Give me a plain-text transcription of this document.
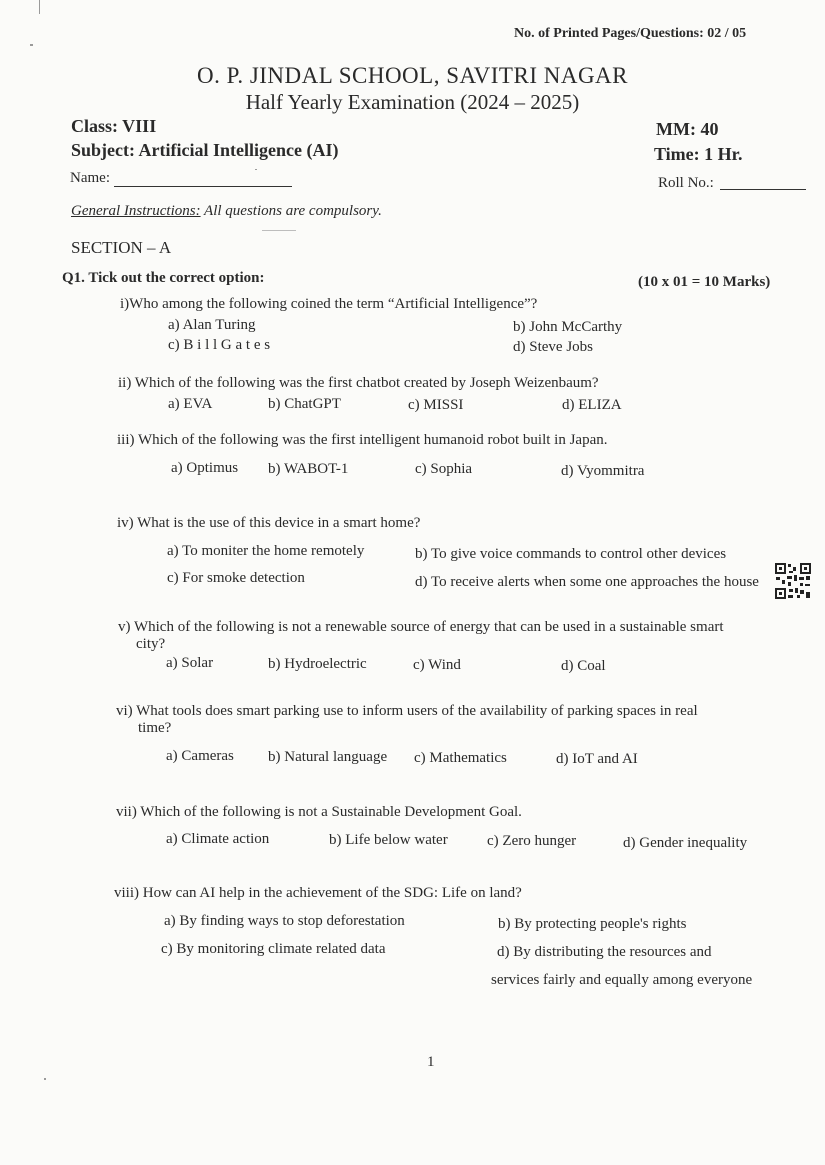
No. of Printed Pages/Questions: 02 / 05
O. P. JINDAL SCHOOL, SAVITRI NAGAR
Half Yearly Examination (2024 – 2025)
Class: VIII
Subject: Artificial Intelligence (AI)
MM: 40
Time: 1 Hr.
Name:	Roll No.:
General Instructions: All questions are compulsory.
SECTION – A
Q1. Tick out the correct option:	(10 x 01 = 10 Marks)
i)Who among the following coined the term “Artificial Intelligence”?
a) Alan Turing	b) John McCarthy
c) B i l l G a t e s	d) Steve Jobs
ii) Which of the following was the first chatbot created by Joseph Weizenbaum?
a) EVA	b) ChatGPT	c) MISSI	d) ELIZA
iii) Which of the following was the first intelligent humanoid robot built in Japan.
a) Optimus b) WABOT-1	c) Sophia	d) Vyommitra
iv) What is the use of this device in a smart home?
a) To moniter the home remotely	b) To give voice commands to control other devices
c) For smoke detection	d) To receive alerts when some one approaches the house
v) Which of the following is not a renewable source of energy that can be used in a sustainable smart
city?
a) Solar	b) Hydroelectric	c) Wind	d) Coal
vi) What tools does smart parking use to inform users of the availability of parking spaces in real
time?
a) Cameras b) Natural language c) Mathematics	d) IoT and AI
vii) Which of the following is not a Sustainable Development Goal.
a) Climate action	b) Life below water	c) Zero hunger	d) Gender inequality
viii) How can AI help in the achievement of the SDG: Life on land?
a) By finding ways to stop deforestation	b) By protecting people's rights
c) By monitoring climate related data	d) By distributing the resources and
services fairly and equally among everyone
1
